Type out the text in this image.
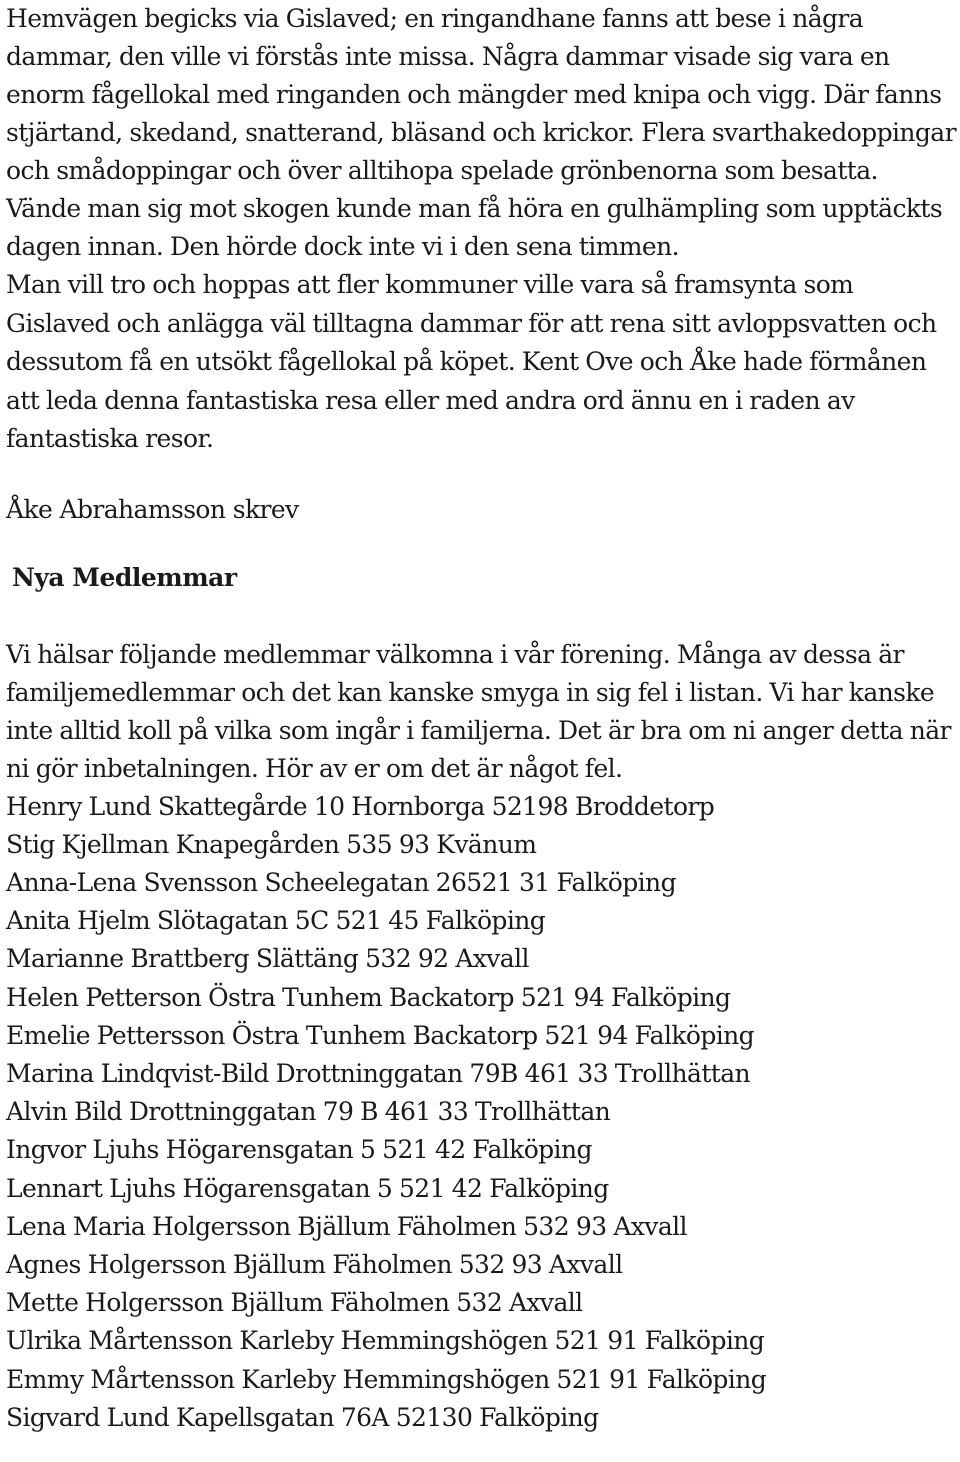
Hemvägen begicks via Gislaved; en ringandhane fanns att bese i några dammar, den ville vi förstås inte missa. Några dammar visade sig vara en enorm fågellokal med ringanden och mängder med knipa och vigg. Där fanns stjärtand, skedand, snatterand, bläsand och krickor. Flera svarthakedoppingar och smådoppingar och över alltihopa spelade grönbenorna som besatta. Vände man sig mot skogen kunde man få höra en gulhämpling som upptäckts dagen innan. Den hörde dock inte vi i den sena timmen.

Man vill tro och hoppas att fler kommuner ville vara så framsynta som Gislaved och anlägga väl tilltagna dammar för att rena sitt avloppsvatten och dessutom få en utsökt fågellokal på köpet. Kent Ove och Åke hade förmånen att leda denna fantastiska resa eller med andra ord ännu en i raden av fantastiska resor.

Åke Abrahamsson skrev

Nya Medlemmar

Vi hälsar följande medlemmar välkomna i vår förening. Många av dessa är familjemedlemmar och det kan kanske smyga in sig fel i listan. Vi har kanske inte alltid koll på vilka som ingår i familjerna. Det är bra om ni anger detta när ni gör inbetalningen. Hör av er om det är något fel.

Henry Lund Skattegårde 10 Hornborga 52198 Broddetorp
Stig Kjellman Knapegården 535 93 Kvänum
Anna-Lena Svensson Scheelegatan 26521 31 Falköping
Anita Hjelm Slötagatan 5C 521 45 Falköping
Marianne Brattberg Slättäng 532 92 Axvall
Helen Petterson Östra Tunhem Backatorp 521 94 Falköping
Emelie Pettersson Östra Tunhem Backatorp 521 94 Falköping
Marina Lindqvist-Bild Drottninggatan 79B 461 33 Trollhättan
Alvin Bild Drottninggatan 79 B 461 33 Trollhättan
Ingvor Ljuhs Högarensgatan 5 521 42 Falköping
Lennart Ljuhs Högarensgatan 5 521 42 Falköping
Lena Maria Holgersson Bjällum Fäholmen 532 93 Axvall
Agnes Holgersson Bjällum Fäholmen 532 93 Axvall
Mette Holgersson Bjällum Fäholmen 532 Axvall
Ulrika Mårtensson Karleby Hemmingshögen 521 91 Falköping
Emmy Mårtensson Karleby Hemmingshögen 521 91 Falköping
Sigvard Lund Kapellsgatan 76A 52130 Falköping
